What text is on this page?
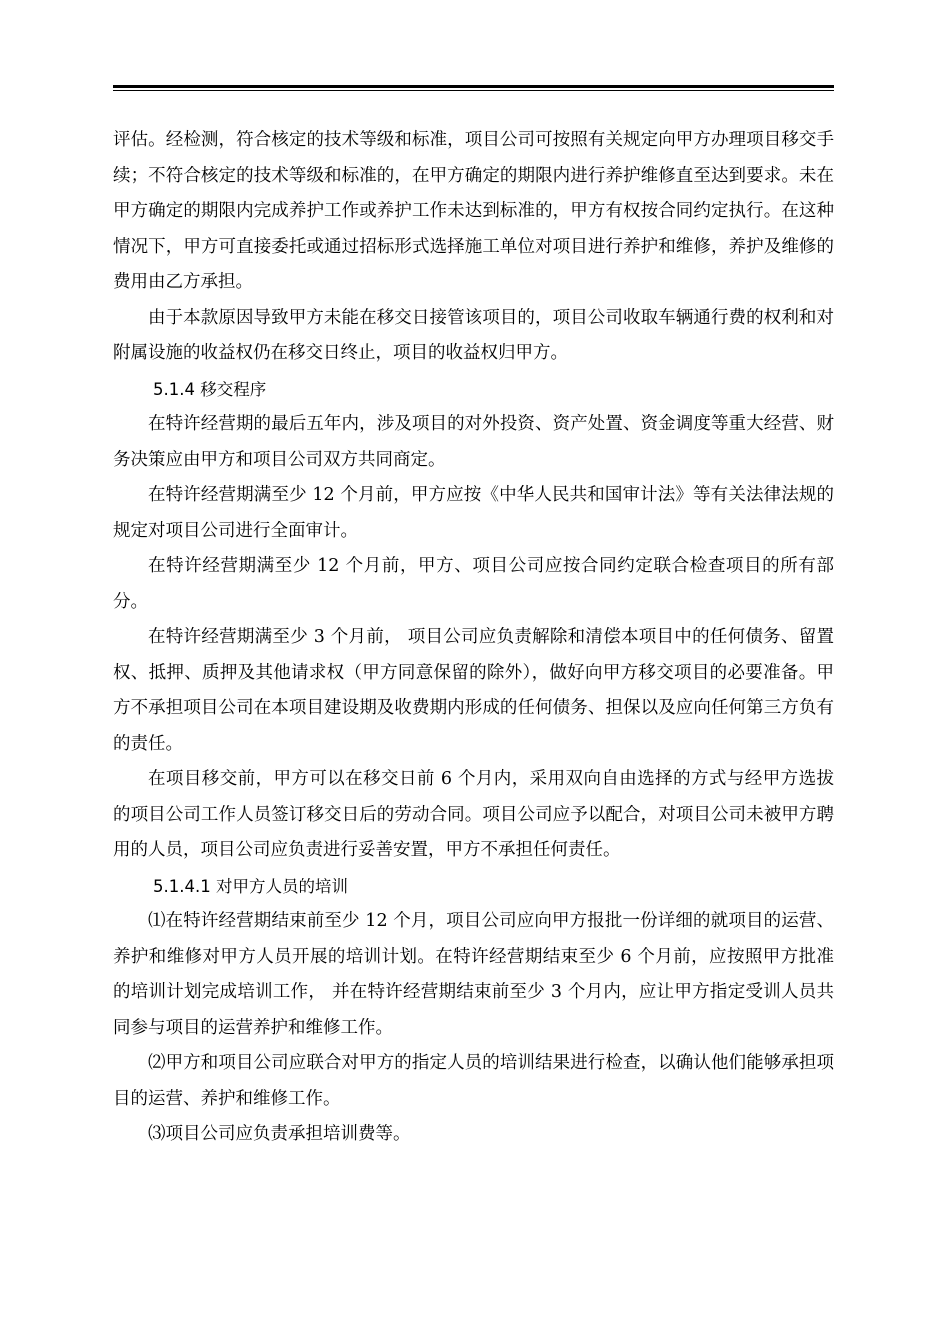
评估。经检测，符合核定的技术等级和标准，项目公司可按照有关规定向甲方办理项目移交手续；不符合核定的技术等级和标准的，在甲方确定的期限内进行养护维修直至达到要求。未在甲方确定的期限内完成养护工作或养护工作未达到标准的，甲方有权按合同约定执行。在这种情况下，甲方可直接委托或通过招标形式选择施工单位对项目进行养护和维修，养护及维修的费用由乙方承担。

由于本款原因导致甲方未能在移交日接管该项目的，项目公司收取车辆通行费的权利和对附属设施的收益权仍在移交日终止，项目的收益权归甲方。

5.1.4 移交程序

在特许经营期的最后五年内，涉及项目的对外投资、资产处置、资金调度等重大经营、财务决策应由甲方和项目公司双方共同商定。

在特许经营期满至少 12 个月前，甲方应按《中华人民共和国审计法》等有关法律法规的规定对项目公司进行全面审计。

在特许经营期满至少 12 个月前，甲方、项目公司应按合同约定联合检查项目的所有部分。

在特许经营期满至少 3 个月前， 项目公司应负责解除和清偿本项目中的任何债务、留置权、抵押、质押及其他请求权（甲方同意保留的除外），做好向甲方移交项目的必要准备。甲方不承担项目公司在本项目建设期及收费期内形成的任何债务、担保以及应向任何第三方负有的责任。

在项目移交前，甲方可以在移交日前 6 个月内，采用双向自由选择的方式与经甲方选拔的项目公司工作人员签订移交日后的劳动合同。项目公司应予以配合，对项目公司未被甲方聘用的人员，项目公司应负责进行妥善安置，甲方不承担任何责任。

5.1.4.1 对甲方人员的培训

⑴在特许经营期结束前至少 12 个月，项目公司应向甲方报批一份详细的就项目的运营、养护和维修对甲方人员开展的培训计划。在特许经营期结束至少 6 个月前，应按照甲方批准的培训计划完成培训工作， 并在特许经营期结束前至少 3 个月内，应让甲方指定受训人员共同参与项目的运营养护和维修工作。

⑵甲方和项目公司应联合对甲方的指定人员的培训结果进行检查，以确认他们能够承担项目的运营、养护和维修工作。

⑶项目公司应负责承担培训费等。
